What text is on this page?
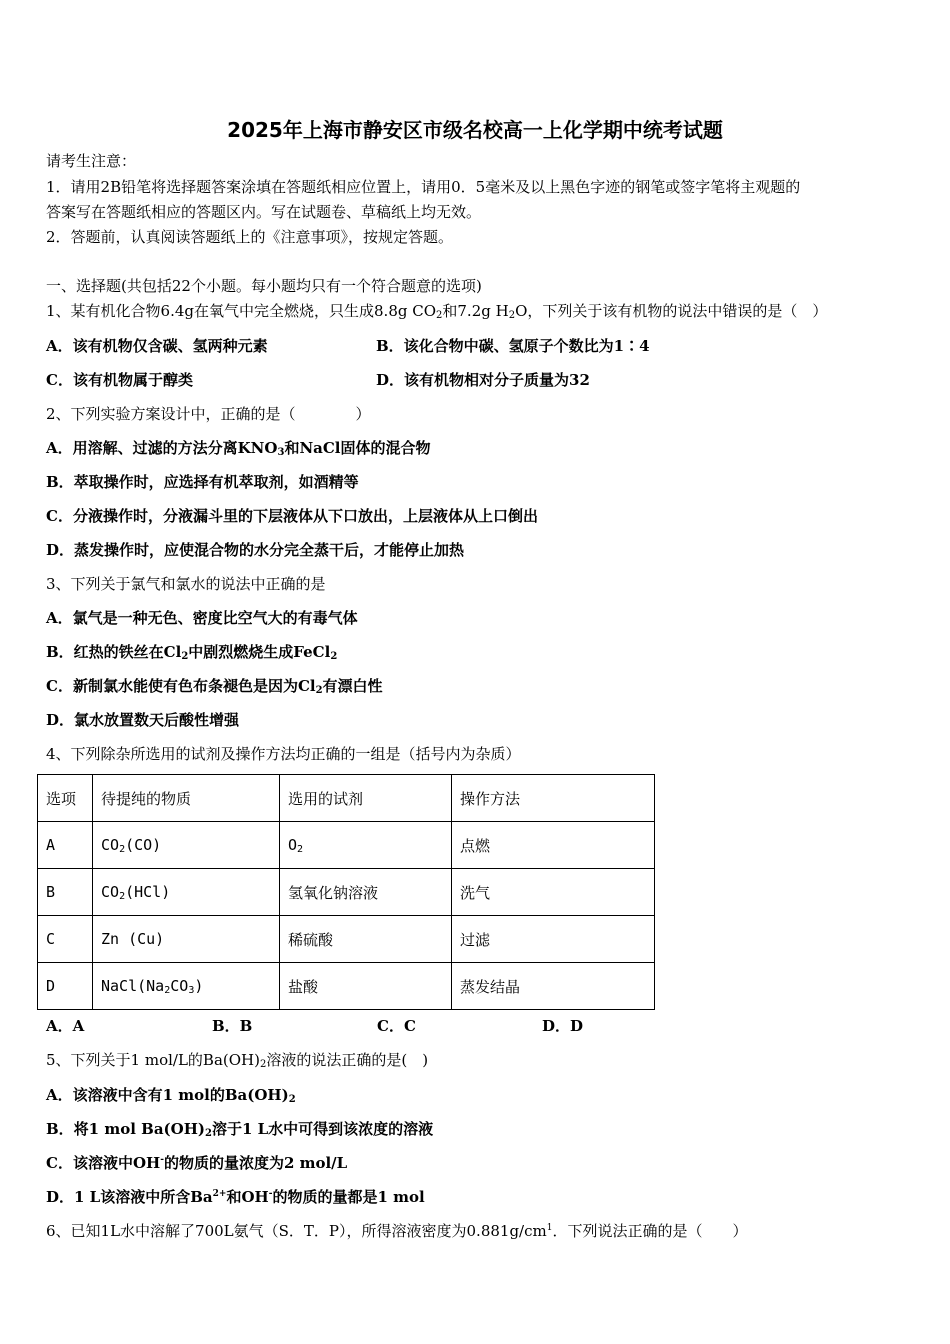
2025年上海市静安区市级名校高一上化学期中统考试题
请考生注意：
1．请用2B铅笔将选择题答案涂填在答题纸相应位置上，请用0．5毫米及以上黑色字迹的钢笔或签字笔将主观题的
答案写在答题纸相应的答题区内。写在试题卷、草稿纸上均无效。
2．答题前，认真阅读答题纸上的《注意事项》，按规定答题。
一、选择题(共包括22个小题。每小题均只有一个符合题意的选项)
1、某有机化合物6.4g在氧气中完全燃烧，只生成8.8g $CO_2$和7.2g $H_2O$，下列关于该有机物的说法中错误的是（　）
A．该有机物仅含碳、氢两种元素	B．该化合物中碳、氢原子个数比为1∶4
C．该有机物属于醇类	D．该有机物相对分子质量为32
2、下列实验方案设计中，正确的是（　　　　）
A．用溶解、过滤的方法分离$KNO_3$和NaCl固体的混合物
B．萃取操作时，应选择有机萃取剂，如酒精等
C．分液操作时，分液漏斗里的下层液体从下口放出，上层液体从上口倒出
D．蒸发操作时，应使混合物的水分完全蒸干后，才能停止加热
3、下列关于氯气和氯水的说法中正确的是
A．氯气是一种无色、密度比空气大的有毒气体
B．红热的铁丝在$Cl_2$中剧烈燃烧生成FeCl$_2$
C．新制氯水能使有色布条褪色是因为$Cl_2$有漂白性
D．氯水放置数天后酸性增强
4、下列除杂所选用的试剂及操作方法均正确的一组是（括号内为杂质）
选项	待提纯的物质	选用的试剂	操作方法
A	$CO_2(CO)$	$O_2$	点燃
B	$CO_2(HCl)$	氢氧化钠溶液	洗气
C	Zn (Cu)	稀硫酸	过滤
D	$NaCl(Na_2CO_3)$	盐酸	蒸发结晶
A．A	B．B	C．C	D．D
5、下列关于1 mol/L的$Ba(OH)_2$溶液的说法正确的是(　)
A．该溶液中含有1 mol的$Ba(OH)_2$
B．将1 mol $Ba(OH)_2$溶于1 L水中可得到该浓度的溶液
C．该溶液中OH-的物质的量浓度为2 mol/L
D．1 L该溶液中所含$Ba^{2+}$和OH-的物质的量都是1 mol
6、已知1L水中溶解了700L氨气（S．T．P），所得溶液密度为$0.881g/cm^1$．下列说法正确的是（　　）
